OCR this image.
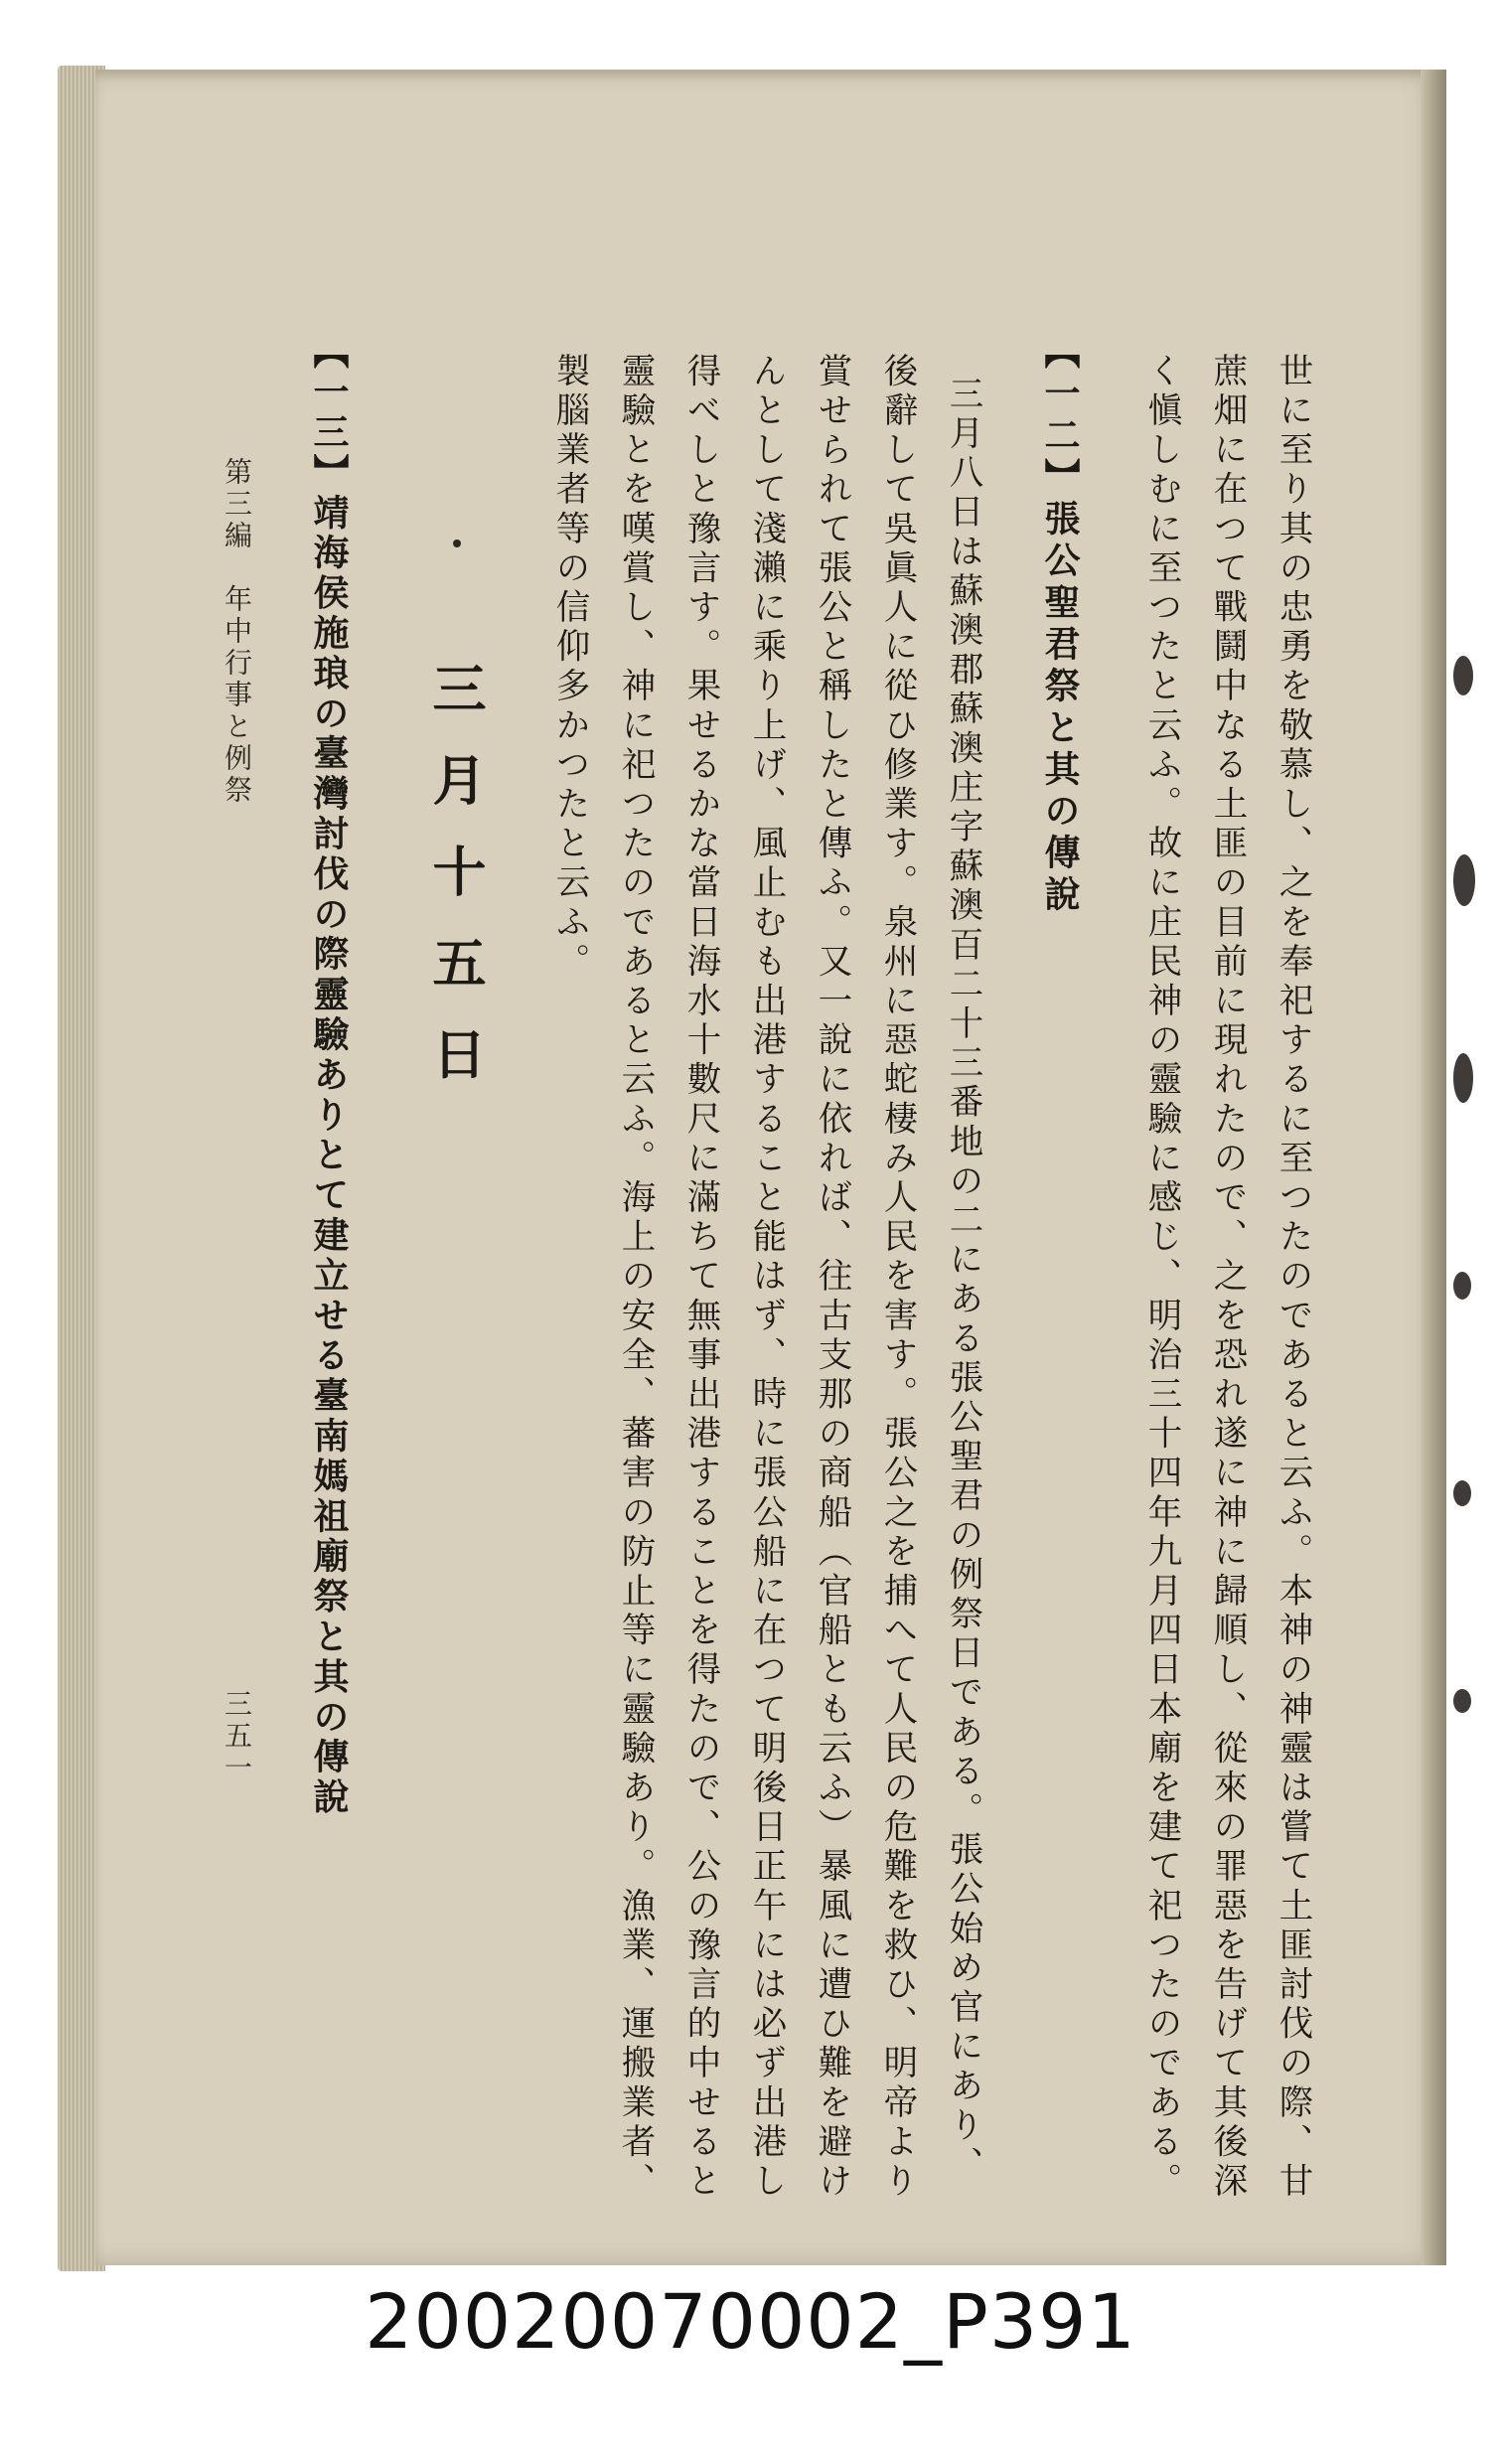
世に至り其の忠勇を敬慕し、之を奉祀するに至つたのであると云ふ。本神の神靈は嘗て土匪討伐の際、甘
蔗畑に在つて戰鬪中なる土匪の目前に現れたので、之を恐れ遂に神に歸順し、從來の罪惡を告げて其後深
く愼しむに至つたと云ふ。故に庄民神の靈驗に感じ、明治三十四年九月四日本廟を建て祀つたのである。
【一二】張公聖君祭と其の傳說
三月八日は蘇澳郡蘇澳庄字蘇澳百二十三番地の二にある張公聖君の例祭日である。張公始め官にあり、
後辭して吳眞人に從ひ修業す。泉州に惡蛇棲み人民を害す。張公之を捕へて人民の危難を救ひ、明帝より
賞せられて張公と稱したと傳ふ。又一說に依れば、往古支那の商船（官船とも云ふ）暴風に遭ひ難を避け
んとして淺瀨に乘り上げ、風止むも出港すること能はず、時に張公船に在つて明後日正午には必ず出港し
得べしと豫言す。果せるかな當日海水十數尺に滿ちて無事出港することを得たので、公の豫言的中せると
靈驗とを嘆賞し、神に祀つたのであると云ふ。海上の安全、蕃害の防止等に靈驗あり。漁業、運搬業者、
製腦業者等の信仰多かつたと云ふ。
三月十五日
【一三】靖海侯施琅の臺灣討伐の際靈驗ありとて建立せる臺南媽祖廟祭と其の傳說
第三編　年中行事と例祭
三五一
20020070002_P391
